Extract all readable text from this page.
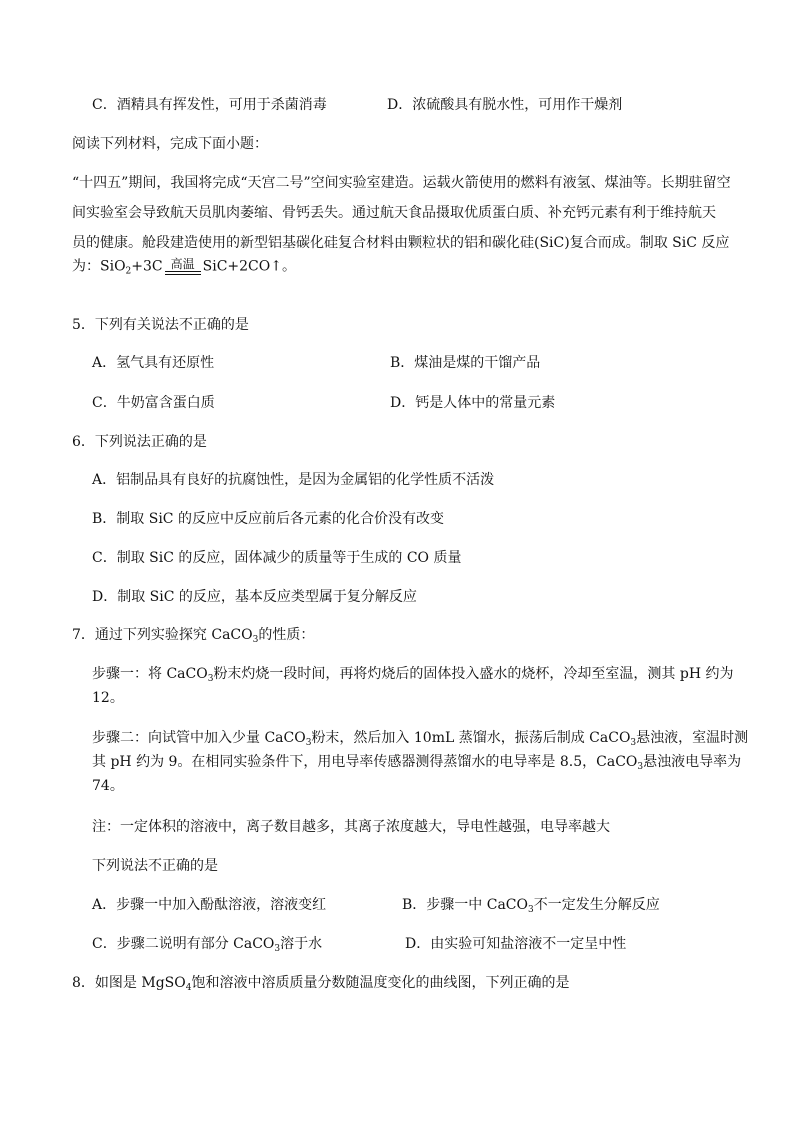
C．酒精具有挥发性，可用于杀菌消毒	D．浓硫酸具有脱水性，可用作干燥剂
阅读下列材料，完成下面小题：
“十四五”期间，我国将完成“天宫二号”空间实验室建造。运载火箭使用的燃料有液氢、煤油等。长期驻留空
间实验室会导致航天员肌肉萎缩、骨钙丢失。通过航天食品摄取优质蛋白质、补充钙元素有利于维持航天
员的健康。舱段建造使用的新型铝基碳化硅复合材料由颗粒状的铝和碳化硅(SiC)复合而成。制取 SiC 反应
为：SiO$_2$+3C 高温 SiC+2CO↑。
5．下列有关说法不正确的是
A．氢气具有还原性	B．煤油是煤的干馏产品
C．牛奶富含蛋白质	D．钙是人体中的常量元素
6．下列说法正确的是
A．铝制品具有良好的抗腐蚀性，是因为金属铝的化学性质不活泼
B．制取 SiC 的反应中反应前后各元素的化合价没有改变
C．制取 SiC 的反应，固体减少的质量等于生成的 CO 质量
D．制取 SiC 的反应，基本反应类型属于复分解反应
7．通过下列实验探究 CaCO$_3$的性质：
步骤一：将 CaCO$_3$粉末灼烧一段时间，再将灼烧后的固体投入盛水的烧杯，冷却至室温，测其 pH 约为
12。
步骤二：向试管中加入少量 CaCO$_3$粉末，然后加入 10mL 蒸馏水，振荡后制成 CaCO$_3$悬浊液，室温时测
其 pH 约为 9。在相同实验条件下，用电导率传感器测得蒸馏水的电导率是 8.5，CaCO$_3$悬浊液电导率为
74。
注：一定体积的溶液中，离子数目越多，其离子浓度越大，导电性越强，电导率越大
下列说法不正确的是
A．步骤一中加入酚酞溶液，溶液变红	B．步骤一中 CaCO$_3$不一定发生分解反应
C．步骤二说明有部分 CaCO$_3$溶于水	D．由实验可知盐溶液不一定呈中性
8．如图是 MgSO$_4$饱和溶液中溶质质量分数随温度变化的曲线图，下列正确的是
